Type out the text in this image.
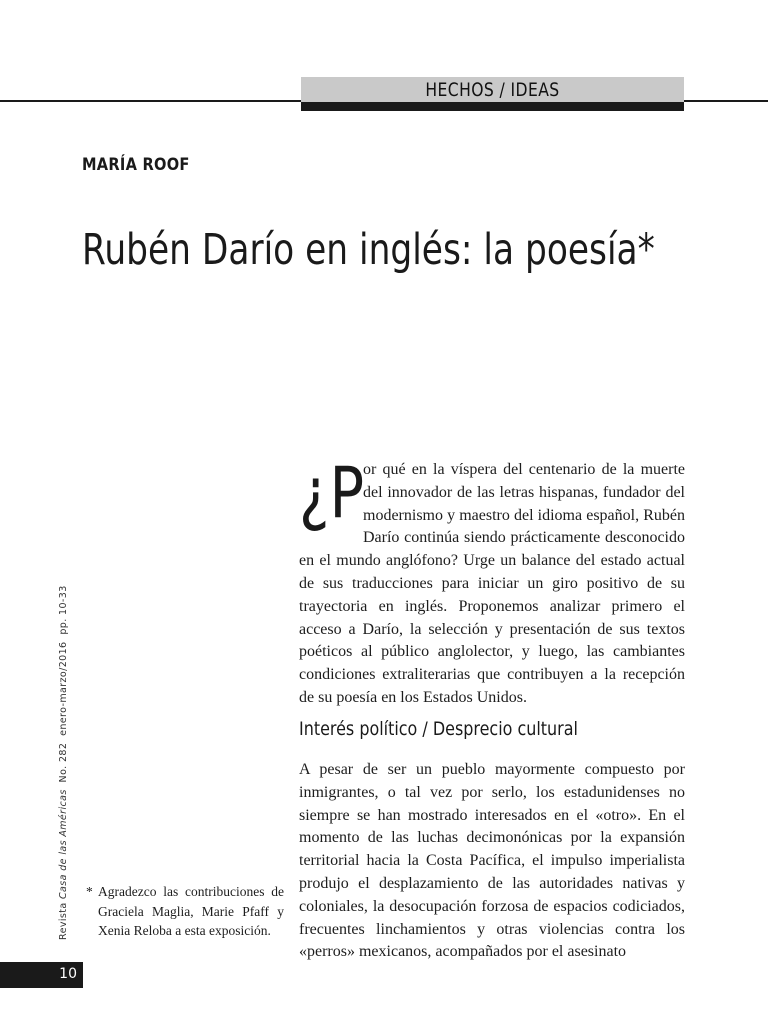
HECHOS / IDEAS
MARÍA ROOF
Rubén Darío en inglés: la poesía*
¿P
or qué en la víspera del centenario de la muerte del innovador de las letras hispanas, fundador del modernismo y maestro del idioma español, Rubén Darío continúa siendo prácticamente desconocido en el mundo anglófono? Urge un balance del estado actual de sus traducciones para iniciar un giro positivo de su trayectoria en inglés. Proponemos analizar primero el acceso a Darío, la selección y presentación de sus textos poéticos al público anglolector, y luego, las cambiantes condiciones extraliterarias que contribuyen a la recepción de su poesía en los Estados Unidos.
Interés político / Desprecio cultural
A pesar de ser un pueblo mayormente compuesto por inmigrantes, o tal vez por serlo, los estadunidenses no siempre se han mostrado interesados en el «otro». En el momento de las luchas decimonónicas por la expansión territorial hacia la Costa Pacífica, el impulso imperialista produjo el desplazamiento de las autoridades nativas y coloniales, la desocupación forzosa de espacios codiciados, frecuentes linchamientos y otras violencias contra los «perros» mexicanos, acompañados por el asesinato
* Agradezco las contribuciones de Graciela Maglia, Marie Pfaff y Xenia Reloba a esta exposición.
Revista Casa de las Américas  No. 282  enero-marzo/2016  pp. 10-33
10
